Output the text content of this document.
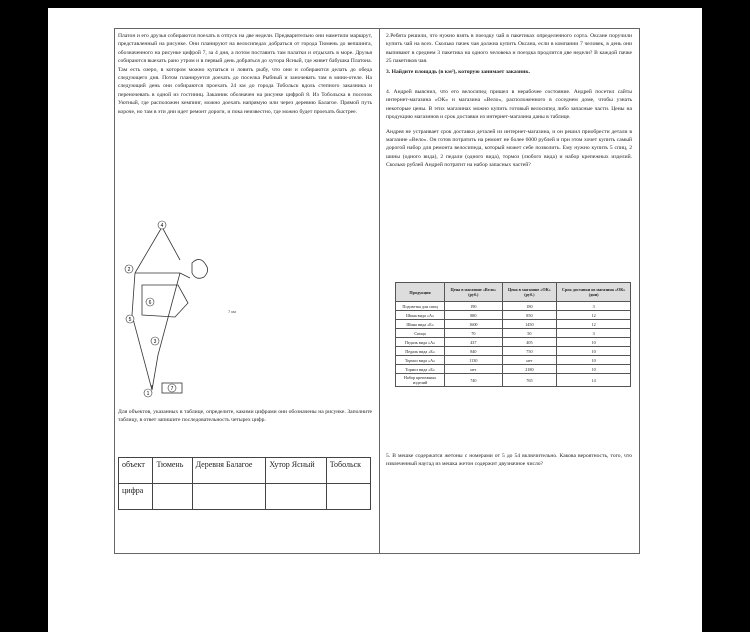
Платон и его друзья собираются поехать в отпуск на две недели. Предварительно они наметили маршрут, представленный на рисунке. Они планируют на велосипедах добраться от города Тюмень до вепшинга, обозначенного на рисунке цифрой 7, за 4 дня, а потом поставить там палатки и отдыхать в море. Друзья собираются выехать рано утром и в первый день добраться до хутора Ясный, где живет бабушка Платона. Там есть озеро, в котором можно купаться и ловить рыбу, что они и собираются делать до обеда следующего дня. Потом планируется доехать до поселка Рыбный и заночевать там в мини-отеле. На следующий день они собираются проехать 24 км до города Тобольск вдоль степного заказника и переночевать в одной из гостиниц. Заказник обозначен на рисунке цифрой 8. Из Тобольска в поселок Уютный, где расположен кемпинг, можно доехать напрямую или через деревню Балагое. Прямой путь короче, но там в эти дни идет ремонт дороги, и пока неизвестно, где можно будет проехать быстрее.

4
2
6
5
3
1
7
7 км

Для объектов, указанных в таблице, определите, какими цифрами они обозначены на рисунке. Заполните таблицу, в ответ запишите последовательность четырех цифр.

объект	Тюмень	Деревня Балагое	Хутор Ясный	Тобольск
цифра				

2.Ребята решили, что нужно взять в поездку чай в пакетиках определенного сорта. Оксане поручили купить чай на всех. Сколько пачек чая должна купить Оксана, если в компании 7 человек, в день они выпивают в среднем 3 пакетика на одного человека и поездка продлится две недели? В каждой пачке 25 пакетиков чая.

3. Найдите площадь (в км²), которую занимает заказник.

4. Андрей выяснил, что его велосипед пришел в нерабочее состояние. Андрей посетил сайты интернет-магазина «ОК» и магазина «Вело», расположенного в соседнем доме, чтобы узнать некоторые цены. В этих магазинах можно купить готовый велосипед либо запасные части. Цены на продукцию магазинов и срок доставки из интернет-магазина даны в таблице.

Андрея не устраивает срок доставки деталей из интернет-магазина, и он решил приобрести детали в магазине «Вело». Он готов потратить на ремонт не более 6000 рублей и при этом хочет купить самый дорогой набор для ремонта велосипеда, который может себе позволить. Ему нужно купить 5 спиц, 2 шины (одного вида), 2 педали (одного вида), тормоз (любого вида) и набор крепежных изделий. Сколько рублей Андрей потратит на набор запасных частей?

Продукция	Цена в магазине «Вело» (руб.)	Цена в магазине «ОК» (руб.)	Срок доставки из магазина «ОК» (дни)
Подсветка для спиц	190	180	3
Шина вида «А»	880	850	12
Шина вида «Б»	1600	1450	12
Спица	70	50	3
Педаль вида «А»	437	405	10
Педаль вида «Б»	840	750	10
Тормоз вида «А»	1130	нет	10
Тормоз вида «Б»	нет	2180	10
Набор крепежных изделий	740	765	14

5. В мешке содержатся жетоны с номерами от 5 до 54 включительно. Какова вероятность, того, что извлеченный наугад из мешка жетон содержит двузначное число?
